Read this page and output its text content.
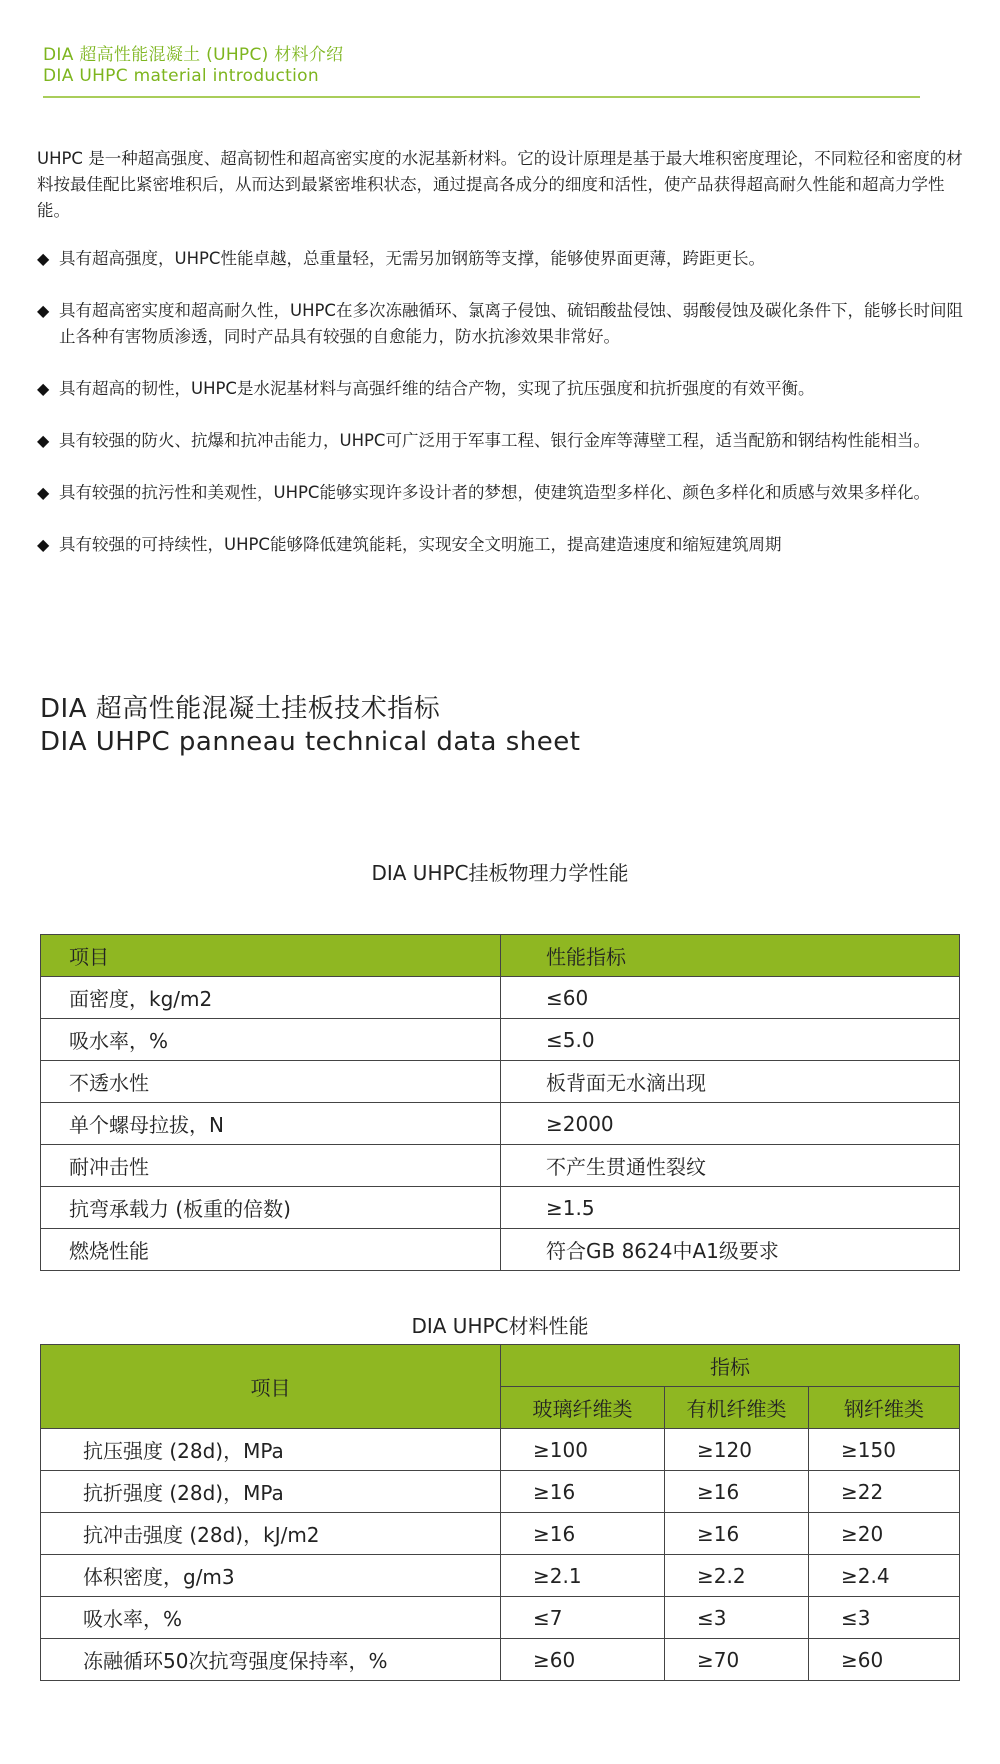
DIA 超高性能混凝土 (UHPC) 材料介绍
DIA UHPC material introduction

UHPC 是一种超高强度、超高韧性和超高密实度的水泥基新材料。它的设计原理是基于最大堆积密度理论，不同粒径和密度的材料按最佳配比紧密堆积后，从而达到最紧密堆积状态，通过提高各成分的细度和活性，使产品获得超高耐久性能和超高力学性能。

◆ 具有超高强度，UHPC性能卓越，总重量轻，无需另加钢筋等支撑，能够使界面更薄，跨距更长。
◆ 具有超高密实度和超高耐久性，UHPC在多次冻融循环、氯离子侵蚀、硫铝酸盐侵蚀、弱酸侵蚀及碳化条件下，能够长时间阻止各种有害物质渗透，同时产品具有较强的自愈能力，防水抗渗效果非常好。
◆ 具有超高的韧性，UHPC是水泥基材料与高强纤维的结合产物，实现了抗压强度和抗折强度的有效平衡。
◆ 具有较强的防火、抗爆和抗冲击能力，UHPC可广泛用于军事工程、银行金库等薄壁工程，适当配筋和钢结构性能相当。
◆ 具有较强的抗污性和美观性，UHPC能够实现许多设计者的梦想，使建筑造型多样化、颜色多样化和质感与效果多样化。
◆ 具有较强的可持续性，UHPC能够降低建筑能耗，实现安全文明施工，提高建造速度和缩短建筑周期
DIA 超高性能混凝土挂板技术指标
DIA UHPC panneau technical data sheet
DIA UHPC挂板物理力学性能
项目	性能指标
面密度，kg/m2	≤60
吸水率，%	≤5.0
不透水性	板背面无水滴出现
单个螺母拉拔，N	≥2000
耐冲击性	不产生贯通性裂纹
抗弯承载力 (板重的倍数)	≥1.5
燃烧性能	符合GB 8624中A1级要求
DIA UHPC材料性能
项目	指标		
	玻璃纤维类	有机纤维类	钢纤维类
抗压强度 (28d)，MPa	≥100	≥120	≥150
抗折强度 (28d)，MPa	≥16	≥16	≥22
抗冲击强度 (28d)，kJ/m2	≥16	≥16	≥20
体积密度，g/m3	≥2.1	≥2.2	≥2.4
吸水率，%	≤7	≤3	≤3
冻融循环50次抗弯强度保持率，%	≥60	≥70	≥60
